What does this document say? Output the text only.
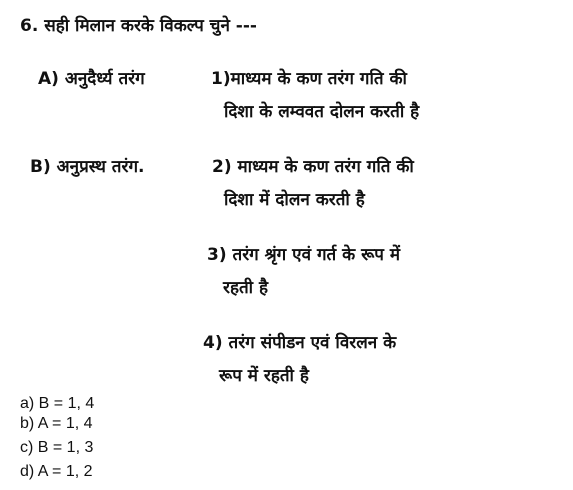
6. सही मिलान करके विकल्प चुने ---
A) अनुदैर्ध्य तरंग
B) अनुप्रस्थ तरंग.
1)माध्यम के कण तरंग गति की
दिशा के लम्ववत दोलन करती है
2) माध्यम के कण तरंग गति की
दिशा में दोलन करती है
3) तरंग श्रृंग एवं गर्त के रूप में
रहती है
4) तरंग संपीडन एवं विरलन के
रूप में रहती है
a) B = 1, 4
b) A = 1, 4
c) B = 1, 3
d) A = 1, 2
